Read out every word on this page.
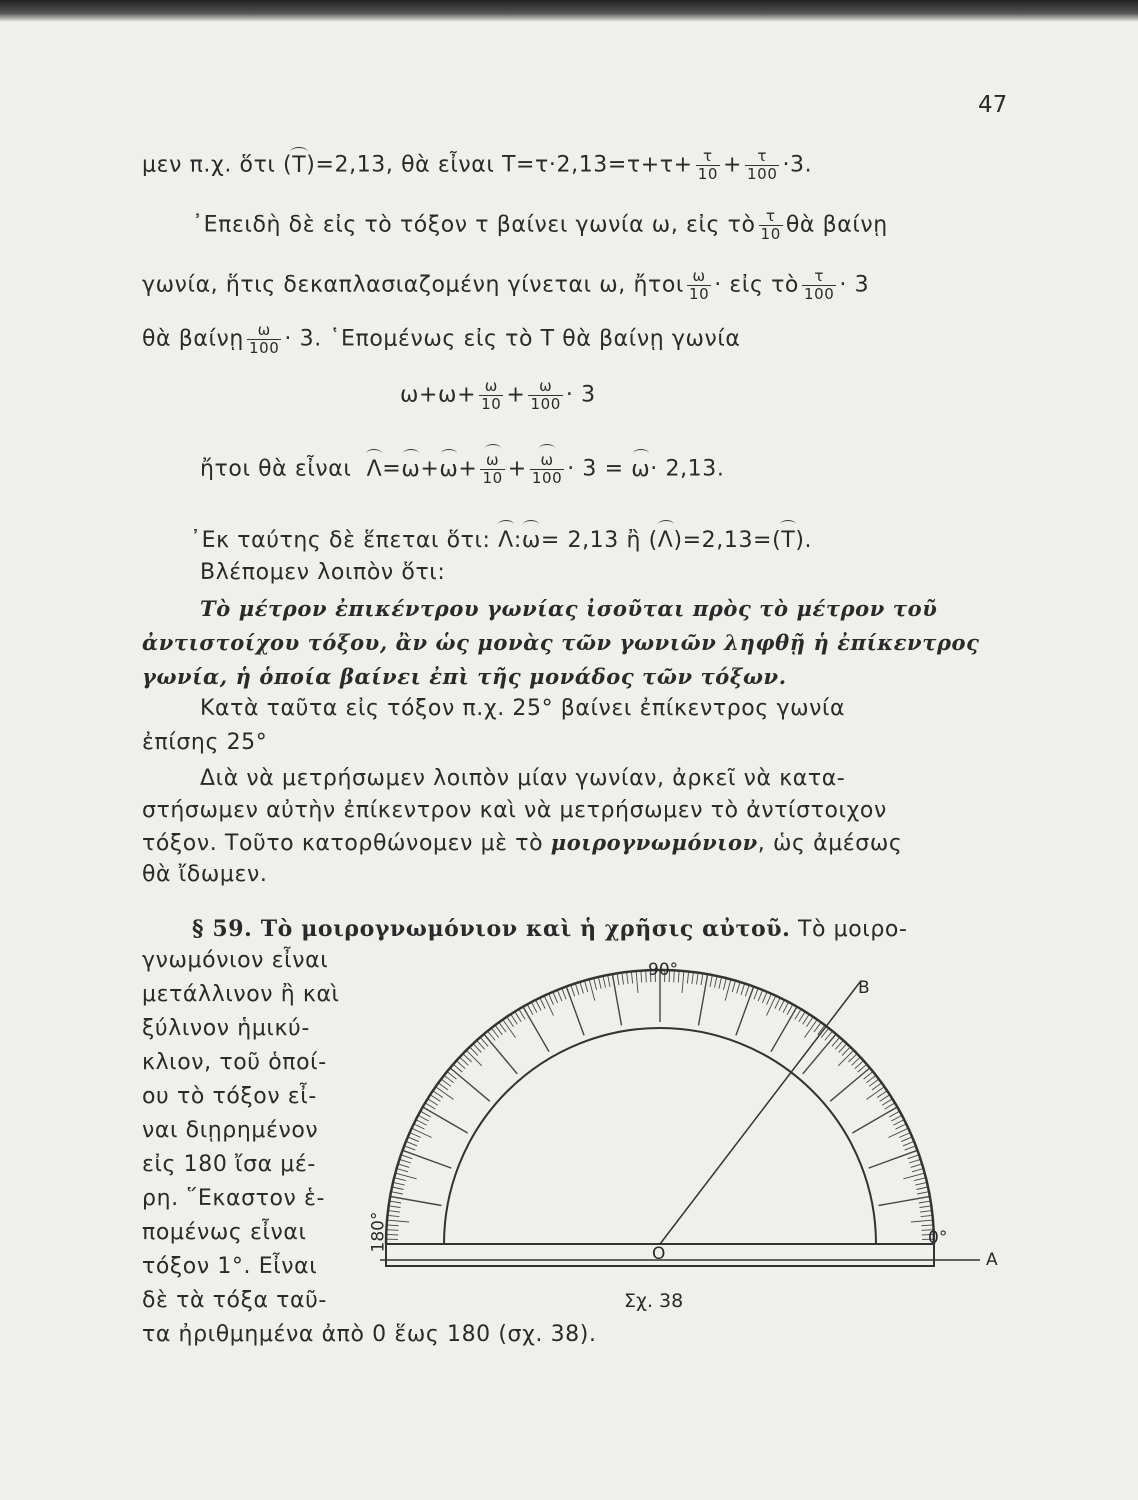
47
μεν π.χ. ὅτι (T)=2,13, θὰ εἶναι $T=\tau\cdot 2,13=\tau+\tau+ \frac{\tau}{10} + \frac{\tau}{100} \cdot 3$.
᾿Επειδὴ δὲ εἰς τὸ τόξον τ βαίνει γωνία ω, εἰς τὸ $\frac{\tau}{10}$ θὰ βαίνῃ
γωνία, ἥτις δεκαπλασιαζομένη γίνεται ω, ἤτοι $\frac{\omega}{10}$ · εἰς τὸ $\frac{\tau}{100} \cdot 3$
θὰ βαίνῃ $\frac{\omega}{100} \cdot 3$. ῾Επομένως εἰς τὸ Τ θὰ βαίνῃ γωνία
$\omega+\omega+ \frac{\omega}{10} + \frac{\omega}{100} \cdot 3$
ἤτοι θὰ εἶναι $\Lambda=\omega+\omega+ \frac{\omega}{10} + \frac{\omega}{100} \cdot 3 = \omega\cdot 2,13$.
᾿Εκ ταύτης δὲ ἕπεται ὅτι: Λ:ω= 2,13 ἢ (Λ)=2,13=(T).
Βλέπομεν λοιπὸν ὅτι:
Τὸ μέτρον ἐπικέντρου γωνίας ἰσοῦται πρὸς τὸ μέτρον τοῦ
ἀντιστοίχου τόξου, ἂν ὡς μονὰς τῶν γωνιῶν ληφθῇ ἡ ἐπίκεντρος
γωνία, ἡ ὁποία βαίνει ἐπὶ τῆς μονάδος τῶν τόξων.
Κατὰ ταῦτα εἰς τόξον π.χ. 25° βαίνει ἐπίκεντρος γωνία
ἐπίσης 25°
Διὰ νὰ μετρήσωμεν λοιπὸν μίαν γωνίαν, ἀρκεῖ νὰ κατα-
στήσωμεν αὐτὴν ἐπίκεντρον καὶ νὰ μετρήσωμεν τὸ ἀντίστοιχον
τόξον. Τοῦτο κατορθώνομεν μὲ τὸ μοιρογνωμόνιον, ὡς ἀμέσως
θὰ ἴδωμεν.
§ 59. Τὸ μοιρογνωμόνιον καὶ ἡ χρῆσις αὐτοῦ. Τὸ μοιρο-
γνωμόνιον εἶναι
μετάλλινον ἢ καὶ
ξύλινον ἡμικύ-
κλιον, τοῦ ὁποί-
ου τὸ τόξον εἶ-
ναι διῃρημένον
εἰς 180 ἴσα μέ-
ρη. ῞Εκαστον ἑ-
πομένως εἶναι
τόξον 1°. Εἶναι
δὲ τὰ τόξα ταῦ-
τα ἠριθμημένα ἀπὸ 0 ἕως 180 (σχ. 38).
90°
B
0°
180°
O	A
Σχ. 38
